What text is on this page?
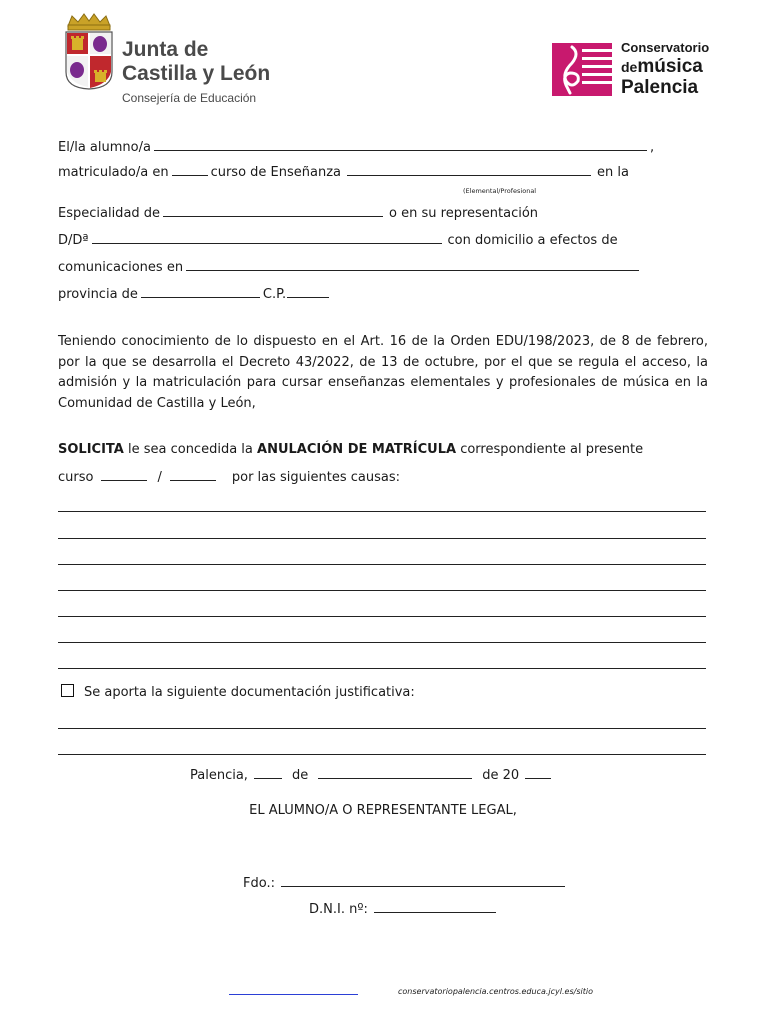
Junta de
Castilla y León
Consejería de Educación
Conservatorio
demúsica
Palencia
El/la alumno/a	,
matriculado/a en	curso de Enseñanza	en la
(Elemental/Profesional
Especialidad de	o en su representación
D/Dª	con domicilio a efectos de
comunicaciones en
provincia de	C.P.
Teniendo conocimiento de lo dispuesto en el Art. 16 de la Orden EDU/198/2023, de 8 de febrero, por la que se desarrolla el Decreto 43/2022, de 13 de octubre, por el que se regula el acceso, la admisión y la matriculación para cursar enseñanzas elementales y profesionales de música en la Comunidad de Castilla y León,
SOLICITA le sea concedida la ANULACIÓN DE MATRÍCULA correspondiente al presente
curso	/	por las siguientes causas:
Se aporta la siguiente documentación justificativa:
Palencia,	de	de 20
EL ALUMNO/A O REPRESENTANTE LEGAL,
Fdo.:
D.N.I. nº:
conservatoriopalencia.centros.educa.jcyl.es/sitio
